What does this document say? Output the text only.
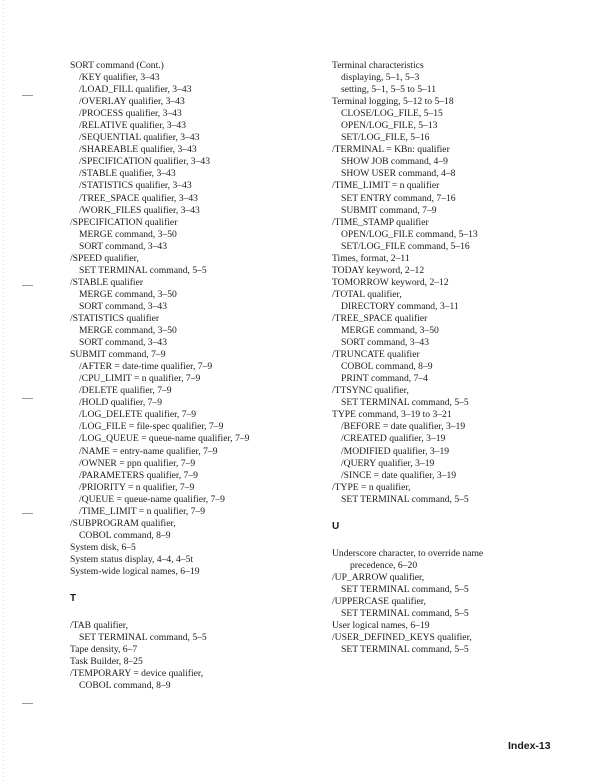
SORT command (Cont.)
/KEY qualifier, 3–43
/LOAD_FILL qualifier, 3–43
/OVERLAY qualifier, 3–43
/PROCESS qualifier, 3–43
/RELATIVE qualifier, 3–43
/SEQUENTIAL qualifier, 3–43
/SHAREABLE qualifier, 3–43
/SPECIFICATION qualifier, 3–43
/STABLE qualifier, 3–43
/STATISTICS qualifier, 3–43
/TREE_SPACE qualifier, 3–43
/WORK_FILES qualifier, 3–43
/SPECIFICATION qualifier
MERGE command, 3–50
SORT command, 3–43
/SPEED qualifier,
SET TERMINAL command, 5–5
/STABLE qualifier
MERGE command, 3–50
SORT command, 3–43
/STATISTICS qualifier
MERGE command, 3–50
SORT command, 3–43
SUBMIT command, 7–9
/AFTER = date-time qualifier, 7–9
/CPU_LIMIT = n qualifier, 7–9
/DELETE qualifier, 7–9
/HOLD qualifier, 7–9
/LOG_DELETE qualifier, 7–9
/LOG_FILE = file-spec qualifier, 7–9
/LOG_QUEUE = queue-name qualifier, 7–9
/NAME = entry-name qualifier, 7–9
/OWNER = ppn qualifier, 7–9
/PARAMETERS qualifier, 7–9
/PRIORITY = n qualifier, 7–9
/QUEUE = queue-name qualifier, 7–9
/TIME_LIMIT = n qualifier, 7–9
/SUBPROGRAM qualifier,
COBOL command, 8–9
System disk, 6–5
System status display, 4–4, 4–5t
System-wide logical names, 6–19
T
/TAB qualifier,
SET TERMINAL command, 5–5
Tape density, 6–7
Task Builder, 8–25
/TEMPORARY = device qualifier,
COBOL command, 8–9
Terminal characteristics
displaying, 5–1, 5–3
setting, 5–1, 5–5 to 5–11
Terminal logging, 5–12 to 5–18
CLOSE/LOG_FILE, 5–15
OPEN/LOG_FILE, 5–13
SET/LOG_FILE, 5–16
/TERMINAL = KBn: qualifier
SHOW JOB command, 4–9
SHOW USER command, 4–8
/TIME_LIMIT = n qualifier
SET ENTRY command, 7–16
SUBMIT command, 7–9
/TIME_STAMP qualifier
OPEN/LOG_FILE command, 5–13
SET/LOG_FILE command, 5–16
Times, format, 2–11
TODAY keyword, 2–12
TOMORROW keyword, 2–12
/TOTAL qualifier,
DIRECTORY command, 3–11
/TREE_SPACE qualifier
MERGE command, 3–50
SORT command, 3–43
/TRUNCATE qualifier
COBOL command, 8–9
PRINT command, 7–4
/TTSYNC qualifier,
SET TERMINAL command, 5–5
TYPE command, 3–19 to 3–21
/BEFORE = date qualifier, 3–19
/CREATED qualifier, 3–19
/MODIFIED qualifier, 3–19
/QUERY qualifier, 3–19
/SINCE = date qualifier, 3–19
/TYPE = n qualifier,
SET TERMINAL command, 5–5
U
Underscore character, to override name
precedence, 6–20
/UP_ARROW qualifier,
SET TERMINAL command, 5–5
/UPPERCASE qualifier,
SET TERMINAL command, 5–5
User logical names, 6–19
/USER_DEFINED_KEYS qualifier,
SET TERMINAL command, 5–5
Index-13
